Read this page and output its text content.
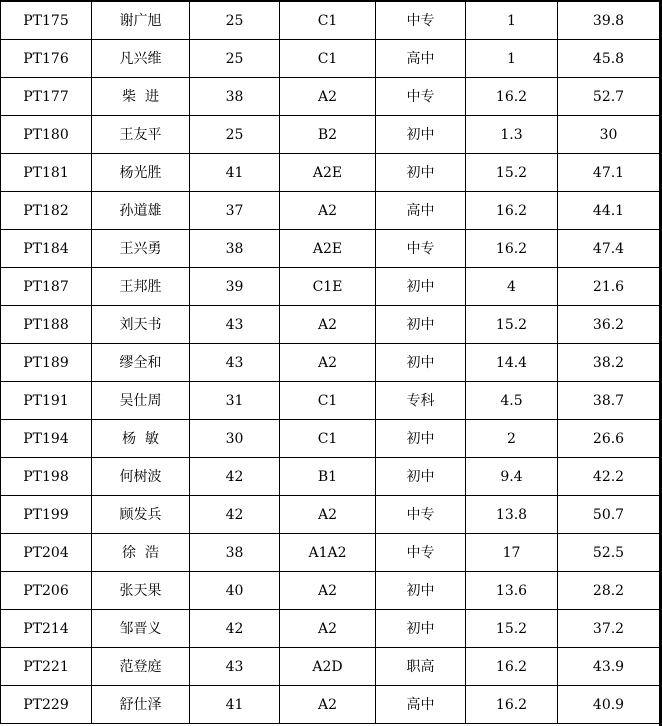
PT175	谢广旭	25	C1	中专	1	39.8
PT176	凡兴维	25	C1	高中	1	45.8
PT177	柴  进	38	A2	中专	16.2	52.7
PT180	王友平	25	B2	初中	1.3	30
PT181	杨光胜	41	A2E	初中	15.2	47.1
PT182	孙道雄	37	A2	高中	16.2	44.1
PT184	王兴勇	38	A2E	中专	16.2	47.4
PT187	王邦胜	39	C1E	初中	4	21.6
PT188	刘天书	43	A2	初中	15.2	36.2
PT189	缪全和	43	A2	初中	14.4	38.2
PT191	吴仕周	31	C1	专科	4.5	38.7
PT194	杨  敏	30	C1	初中	2	26.6
PT198	何树波	42	B1	初中	9.4	42.2
PT199	顾发兵	42	A2	中专	13.8	50.7
PT204	徐  浩	38	A1A2	中专	17	52.5
PT206	张天果	40	A2	初中	13.6	28.2
PT214	邹晋义	42	A2	初中	15.2	37.2
PT221	范登庭	43	A2D	职高	16.2	43.9
PT229	舒仕泽	41	A2	高中	16.2	40.9
